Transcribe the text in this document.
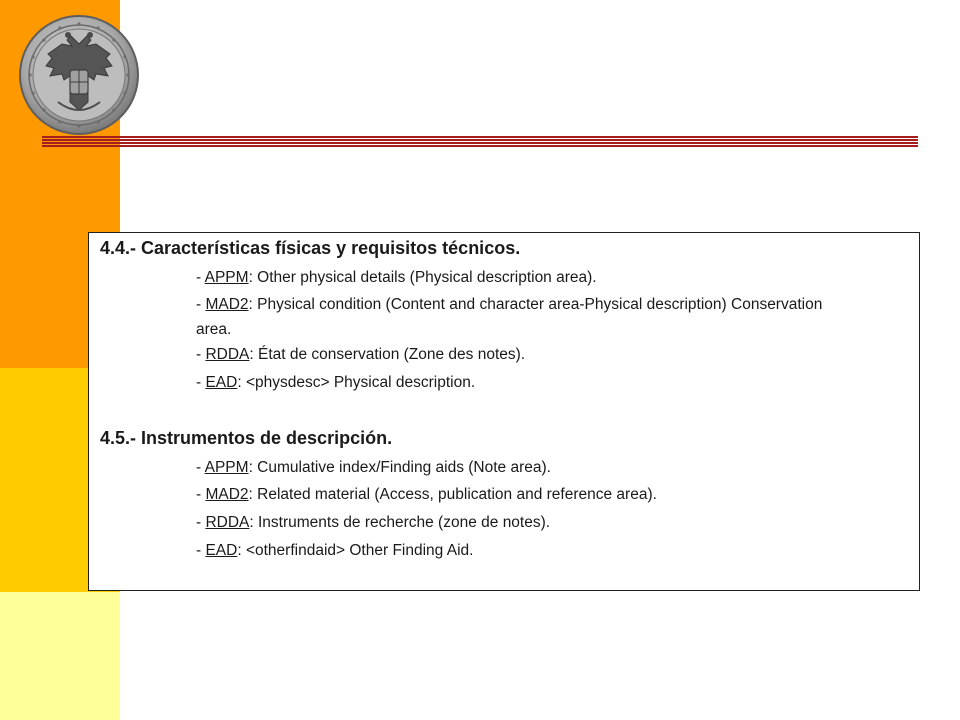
4.4.- Características físicas y requisitos técnicos.
- APPM: Other physical details (Physical description area).
- MAD2: Physical condition (Content and character area-Physical description) Conservation area.
- RDDA: État de conservation (Zone des notes).
- EAD: <physdesc> Physical description.
4.5.- Instrumentos de descripción.
- APPM: Cumulative index/Finding aids (Note area).
- MAD2: Related material (Access, publication and reference area).
- RDDA: Instruments de recherche (zone de notes).
- EAD: <otherfindaid> Other Finding Aid.
